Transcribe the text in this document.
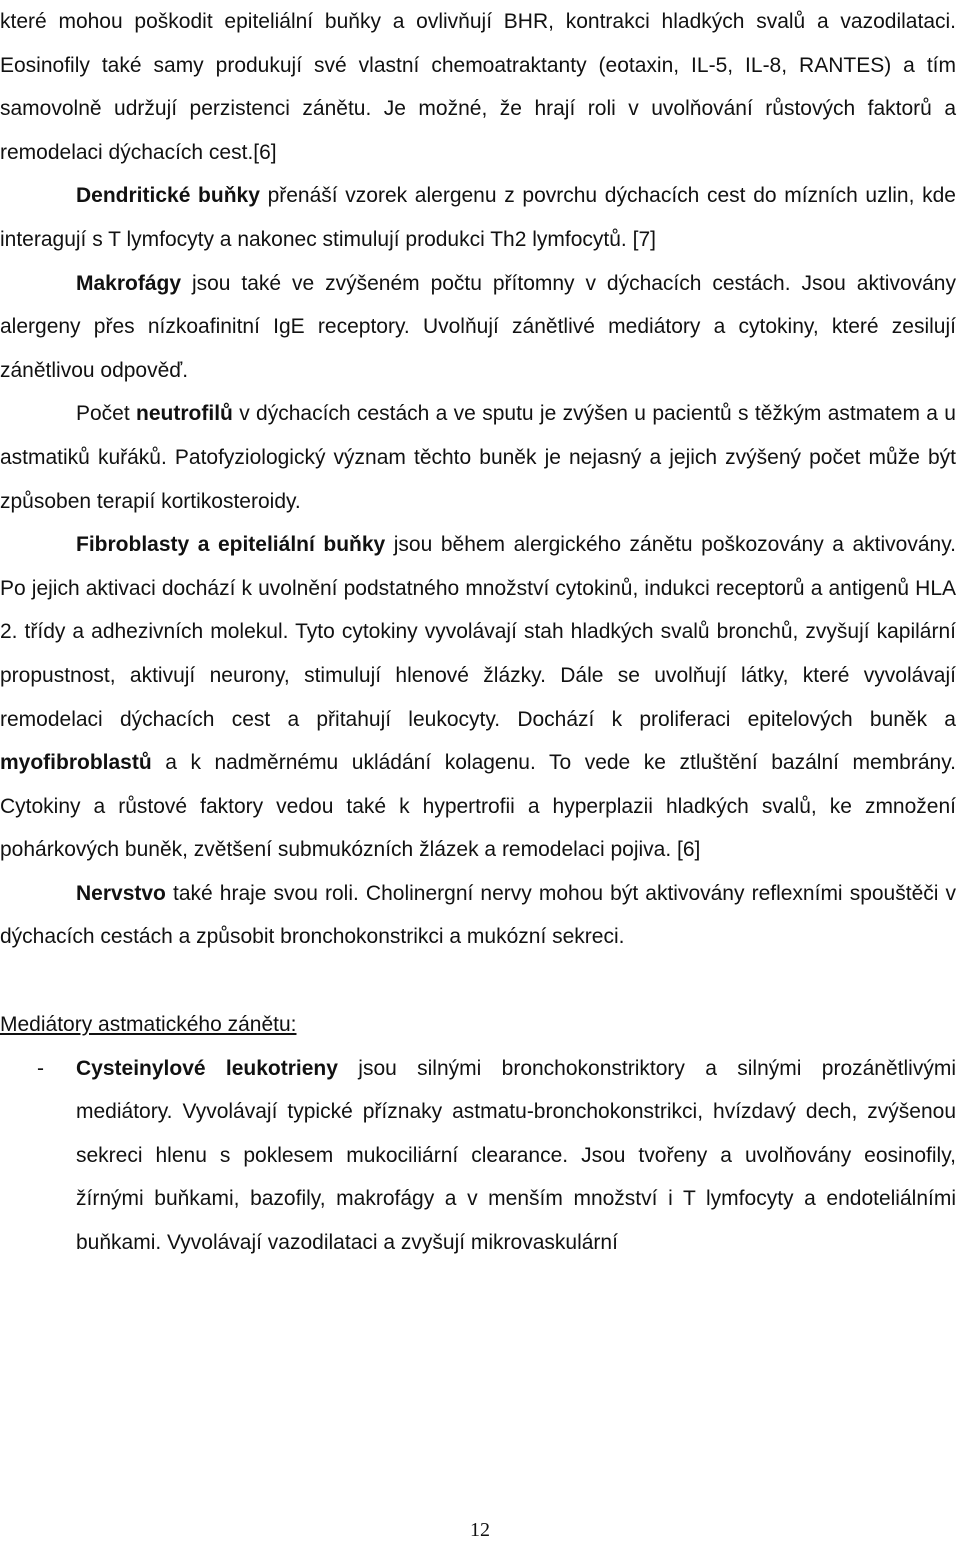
které mohou poškodit epiteliální buňky a ovlivňují BHR, kontrakci hladkých svalů a vazodilataci. Eosinofily také samy produkují své vlastní chemoatraktanty (eotaxin, IL-5, IL-8, RANTES) a tím samovolně udržují perzistenci zánětu. Je možné, že hrají roli v uvolňování růstových faktorů a remodelaci dýchacích cest.[6]

Dendritické buňky přenáší vzorek alergenu z povrchu dýchacích cest do mízních uzlin, kde interagují s T lymfocyty a nakonec stimulují produkci Th2 lymfocytů. [7]

Makrofágy jsou také ve zvýšeném počtu přítomny v dýchacích cestách. Jsou aktivovány alergeny přes nízkoafinitní IgE receptory. Uvolňují zánětlivé mediátory a cytokiny, které zesilují zánětlivou odpověď.

Počet neutrofilů v dýchacích cestách a ve sputu je zvýšen u pacientů s těžkým astmatem a u astmatiků kuřáků. Patofyziologický význam těchto buněk je nejasný a jejich zvýšený počet může být způsoben terapií kortikosteroidy.

Fibroblasty a epiteliální buňky jsou během alergického zánětu poškozovány a aktivovány. Po jejich aktivaci dochází k uvolnění podstatného množství cytokinů, indukci receptorů a antigenů HLA 2. třídy a adhezivních molekul. Tyto cytokiny vyvolávají stah hladkých svalů bronchů, zvyšují kapilární propustnost, aktivují neurony, stimulují hlenové žlázky. Dále se uvolňují látky, které vyvolávají remodelaci dýchacích cest a přitahují leukocyty. Dochází k proliferaci epitelových buněk a myofibroblastů a k nadměrnému ukládání kolagenu. To vede ke ztluštění bazální membrány. Cytokiny a růstové faktory vedou také k hypertrofii a hyperplazii hladkých svalů, ke zmnožení pohárkových buněk, zvětšení submukózních žlázek a remodelaci pojiva. [6]

Nervstvo také hraje svou roli. Cholinergní nervy mohou být aktivovány reflexními spouštěči v dýchacích cestách a způsobit bronchokonstrikci a mukózní sekreci.

Mediátory astmatického zánětu:

- Cysteinylové leukotrieny jsou silnými bronchokonstriktory a silnými prozánětlivými mediátory. Vyvolávají typické příznaky astmatu-bronchokonstrikci, hvízdavý dech, zvýšenou sekreci hlenu s poklesem mukociliární clearance. Jsou tvořeny a uvolňovány eosinofily, žírnými buňkami, bazofily, makrofágy a v menším množství i T lymfocyty a endoteliálními buňkami. Vyvolávají vazodilataci a zvyšují mikrovaskulární
12
